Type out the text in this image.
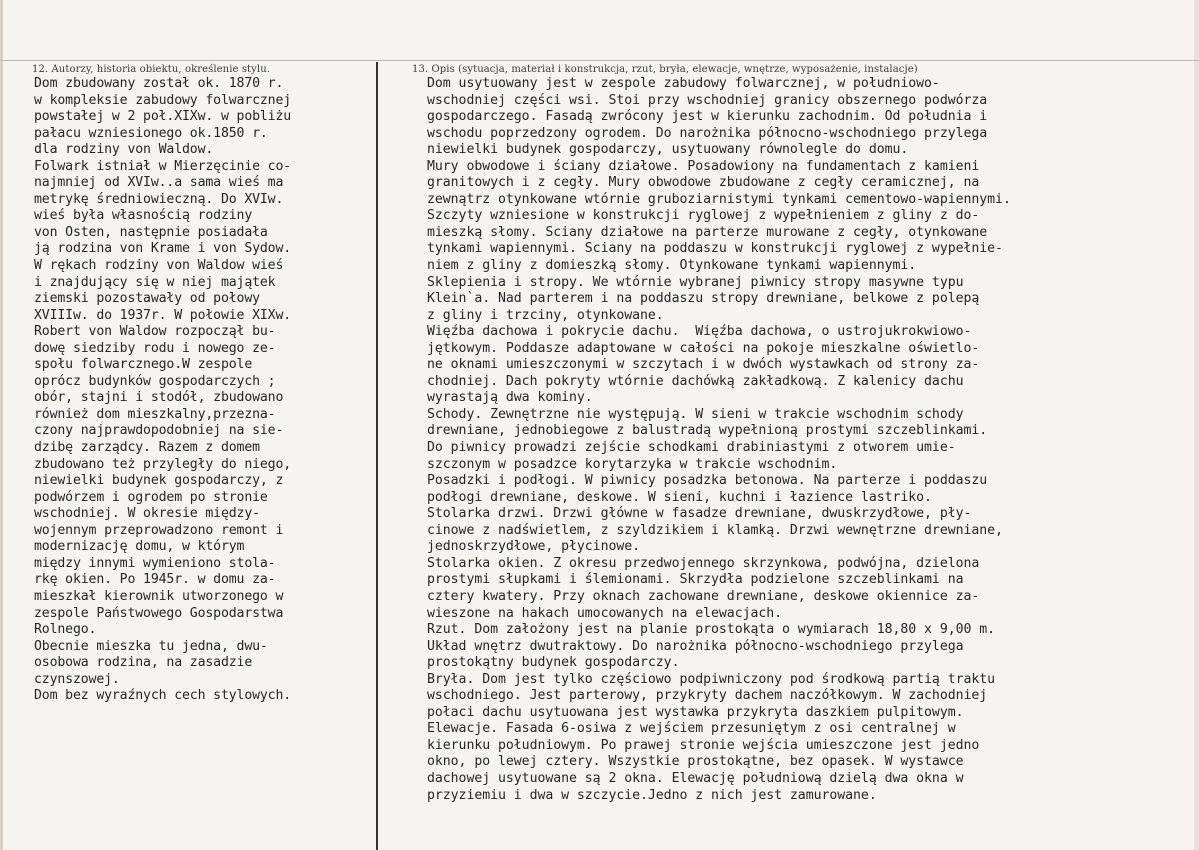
12. Autorzy, historia obiektu, określenie stylu.	13. Opis (sytuacja, materiał i konstrukcja, rzut, bryła, elewacje, wnętrze, wyposażenie, instalacje)
Dom zbudowany został ok. 1870 r.
w kompleksie zabudowy folwarcznej
powstałej w 2 poł.XIXw. w pobliżu
pałacu wzniesionego ok.1850 r.
dla rodziny von Waldow.
Folwark istniał w Mierzęcinie co-
najmniej od XVIw..a sama wieś ma
metrykę średniowieczną. Do XVIw.
wieś była własnością rodziny
von Osten, następnie posiadała
ją rodzina von Krame i von Sydow.
W rękach rodziny von Waldow wieś
i znajdujący się w niej majątek
ziemski pozostawały od połowy
XVIIIw. do 1937r. W połowie XIXw.
Robert von Waldow rozpoczął bu-
dowę siedziby rodu i nowego ze-
społu folwarcznego.W zespole
oprócz budynków gospodarczych ;
obór, stajni i stodół, zbudowano
również dom mieszkalny,przezna-
czony najprawdopodobniej na sie-
dzibę zarządcy. Razem z domem
zbudowano też przyległy do niego,
niewielki budynek gospodarczy, z
podwórzem i ogrodem po stronie
wschodniej. W okresie między-
wojennym przeprowadzono remont i
modernizację domu, w którym
między innymi wymieniono stola-
rkę okien. Po 1945r. w domu za-
mieszkał kierownik utworzonego w
zespole Państwowego Gospodarstwa
Rolnego.
Obecnie mieszka tu jedna, dwu-
osobowa rodzina, na zasadzie
czynszowej.
Dom bez wyraźnych cech stylowych.
Dom usytuowany jest w zespole zabudowy folwarcznej, w południowo-
wschodniej części wsi. Stoi przy wschodniej granicy obszernego podwórza
gospodarczego. Fasadą zwrócony jest w kierunku zachodnim. Od południa i
wschodu poprzedzony ogrodem. Do narożnika północno-wschodniego przylega
niewielki budynek gospodarczy, usytuowany równolegle do domu.
Mury obwodowe i ściany działowe. Posadowiony na fundamentach z kamieni
granitowych i z cegły. Mury obwodowe zbudowane z cegły ceramicznej, na
zewnątrz otynkowane wtórnie gruboziarnistymi tynkami cementowo-wapiennymi.
Szczyty wzniesione w konstrukcji ryglowej z wypełnieniem z gliny z do-
mieszką słomy. Sciany działowe na parterze murowane z cegły, otynkowane
tynkami wapiennymi. Sciany na poddaszu w konstrukcji ryglowej z wypełnie-
niem z gliny z domieszką słomy. Otynkowane tynkami wapiennymi.
Sklepienia i stropy. We wtórnie wybranej piwnicy stropy masywne typu
Klein`a. Nad parterem i na poddaszu stropy drewniane, belkowe z polepą
z gliny i trzciny, otynkowane.
Więźba dachowa i pokrycie dachu.  Więźba dachowa, o ustrojukrokwiowo-
jętkowym. Poddasze adaptowane w całości na pokoje mieszkalne oświetlo-
ne oknami umieszczonymi w szczytach i w dwóch wystawkach od strony za-
chodniej. Dach pokryty wtórnie dachówką zakładkową. Z kalenicy dachu
wyrastają dwa kominy.
Schody. Zewnętrzne nie występują. W sieni w trakcie wschodnim schody
drewniane, jednobiegowe z balustradą wypełnioną prostymi szczeblinkami.
Do piwnicy prowadzi zejście schodkami drabiniastymi z otworem umie-
szczonym w posadzce korytarzyka w trakcie wschodnim.
Posadzki i podłogi. W piwnicy posadzka betonowa. Na parterze i poddaszu
podłogi drewniane, deskowe. W sieni, kuchni i łazience lastriko.
Stolarka drzwi. Drzwi główne w fasadze drewniane, dwuskrzydłowe, pły-
cinowe z nadświetlem, z szyldzikiem i klamką. Drzwi wewnętrzne drewniane,
jednoskrzydłowe, płycinowe.
Stolarka okien. Z okresu przedwojennego skrzynkowa, podwójna, dzielona
prostymi słupkami i ślemionami. Skrzydła podzielone szczeblinkami na
cztery kwatery. Przy oknach zachowane drewniane, deskowe okiennice za-
wieszone na hakach umocowanych na elewacjach.
Rzut. Dom założony jest na planie prostokąta o wymiarach 18,80 x 9,00 m.
Układ wnętrz dwutraktowy. Do narożnika północno-wschodniego przylega
prostokątny budynek gospodarczy.
Bryła. Dom jest tylko częściowo podpiwniczony pod środkową partią traktu
wschodniego. Jest parterowy, przykryty dachem naczółkowym. W zachodniej
połaci dachu usytuowana jest wystawka przykryta daszkiem pulpitowym.
Elewacje. Fasada 6-osiwa z wejściem przesuniętym z osi centralnej w
kierunku południowym. Po prawej stronie wejścia umieszczone jest jedno
okno, po lewej cztery. Wszystkie prostokątne, bez opasek. W wystawce
dachowej usytuowane są 2 okna. Elewację południową dzielą dwa okna w
przyziemiu i dwa w szczycie.Jedno z nich jest zamurowane.
